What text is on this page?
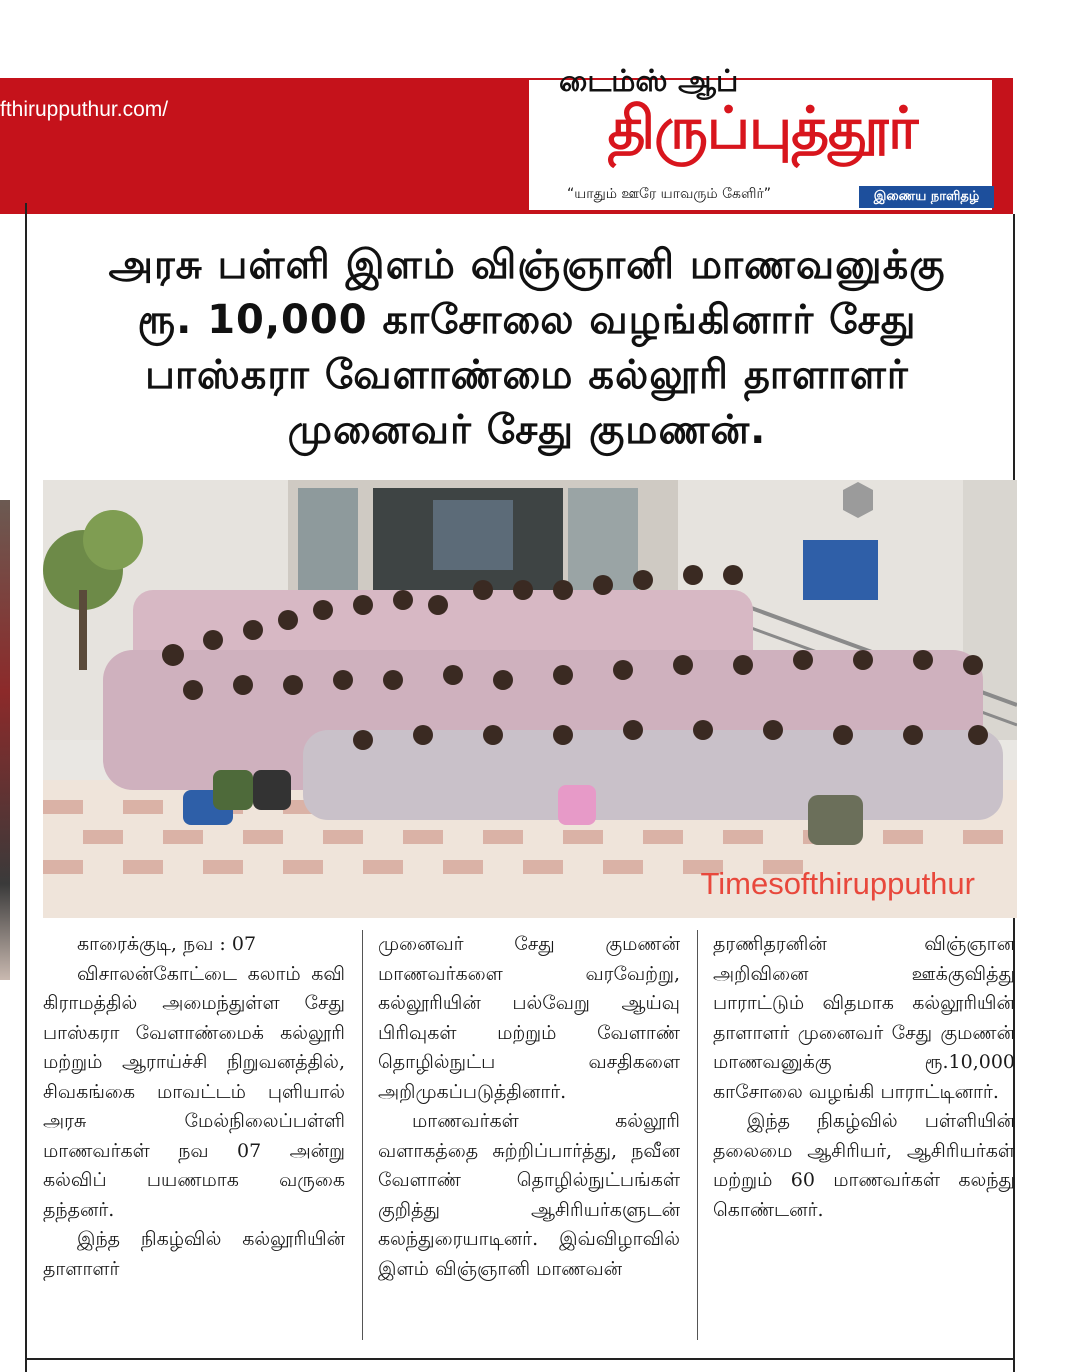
fthirupputhur.com/
டைம்ஸ் ஆப்
திருப்புத்தூர்
“யாதும் ஊரே யாவரும் கேளிர்”	இணைய நாளிதழ்
அரசு பள்ளி இளம் விஞ்ஞானி மாணவனுக்கு
ரூ. 10,000 காசோலை வழங்கினார் சேது
பாஸ்கரா வேளாண்மை கல்லூரி தாளாளர்
முனைவர் சேது குமணன்.
Timesofthirupputhur

காரைக்குடி, நவ : 07

விசாலன்கோட்டை கலாம் கவி கிராமத்தில் அமைந்துள்ள சேது பாஸ்கரா வேளாண்மைக் கல்லூரி மற்றும் ஆராய்ச்சி நிறுவனத்தில், சிவகங்கை மாவட்டம் புளியால் அரசு மேல்நிலைப்பள்ளி மாணவர்கள் நவ 07 அன்று கல்விப் பயணமாக வருகை தந்தனர்.

இந்த நிகழ்வில் கல்லூரியின் தாளாளர்

முனைவர் சேது குமணன் மாணவர்களை வரவேற்று, கல்லூரியின் பல்வேறு ஆய்வு பிரிவுகள் மற்றும் வேளாண் தொழில்நுட்ப வசதிகளை அறிமுகப்படுத்தினார்.

மாணவர்கள் கல்லூரி வளாகத்தை சுற்றிப்பார்த்து, நவீன வேளாண் தொழில்நுட்பங்கள் குறித்து ஆசிரியர்களுடன் கலந்துரையாடினர். இவ்விழாவில் இளம் விஞ்ஞானி மாணவன்

தரணிதரனின் விஞ்ஞான அறிவினை ஊக்குவித்து பாராட்டும் விதமாக கல்லூரியின் தாளாளர் முனைவர் சேது குமணன் மாணவனுக்கு ரூ.10,000 காசோலை வழங்கி பாராட்டினார்.

இந்த நிகழ்வில் பள்ளியின் தலைமை ஆசிரியர், ஆசிரியர்கள் மற்றும் 60 மாணவர்கள் கலந்து கொண்டனர்.
